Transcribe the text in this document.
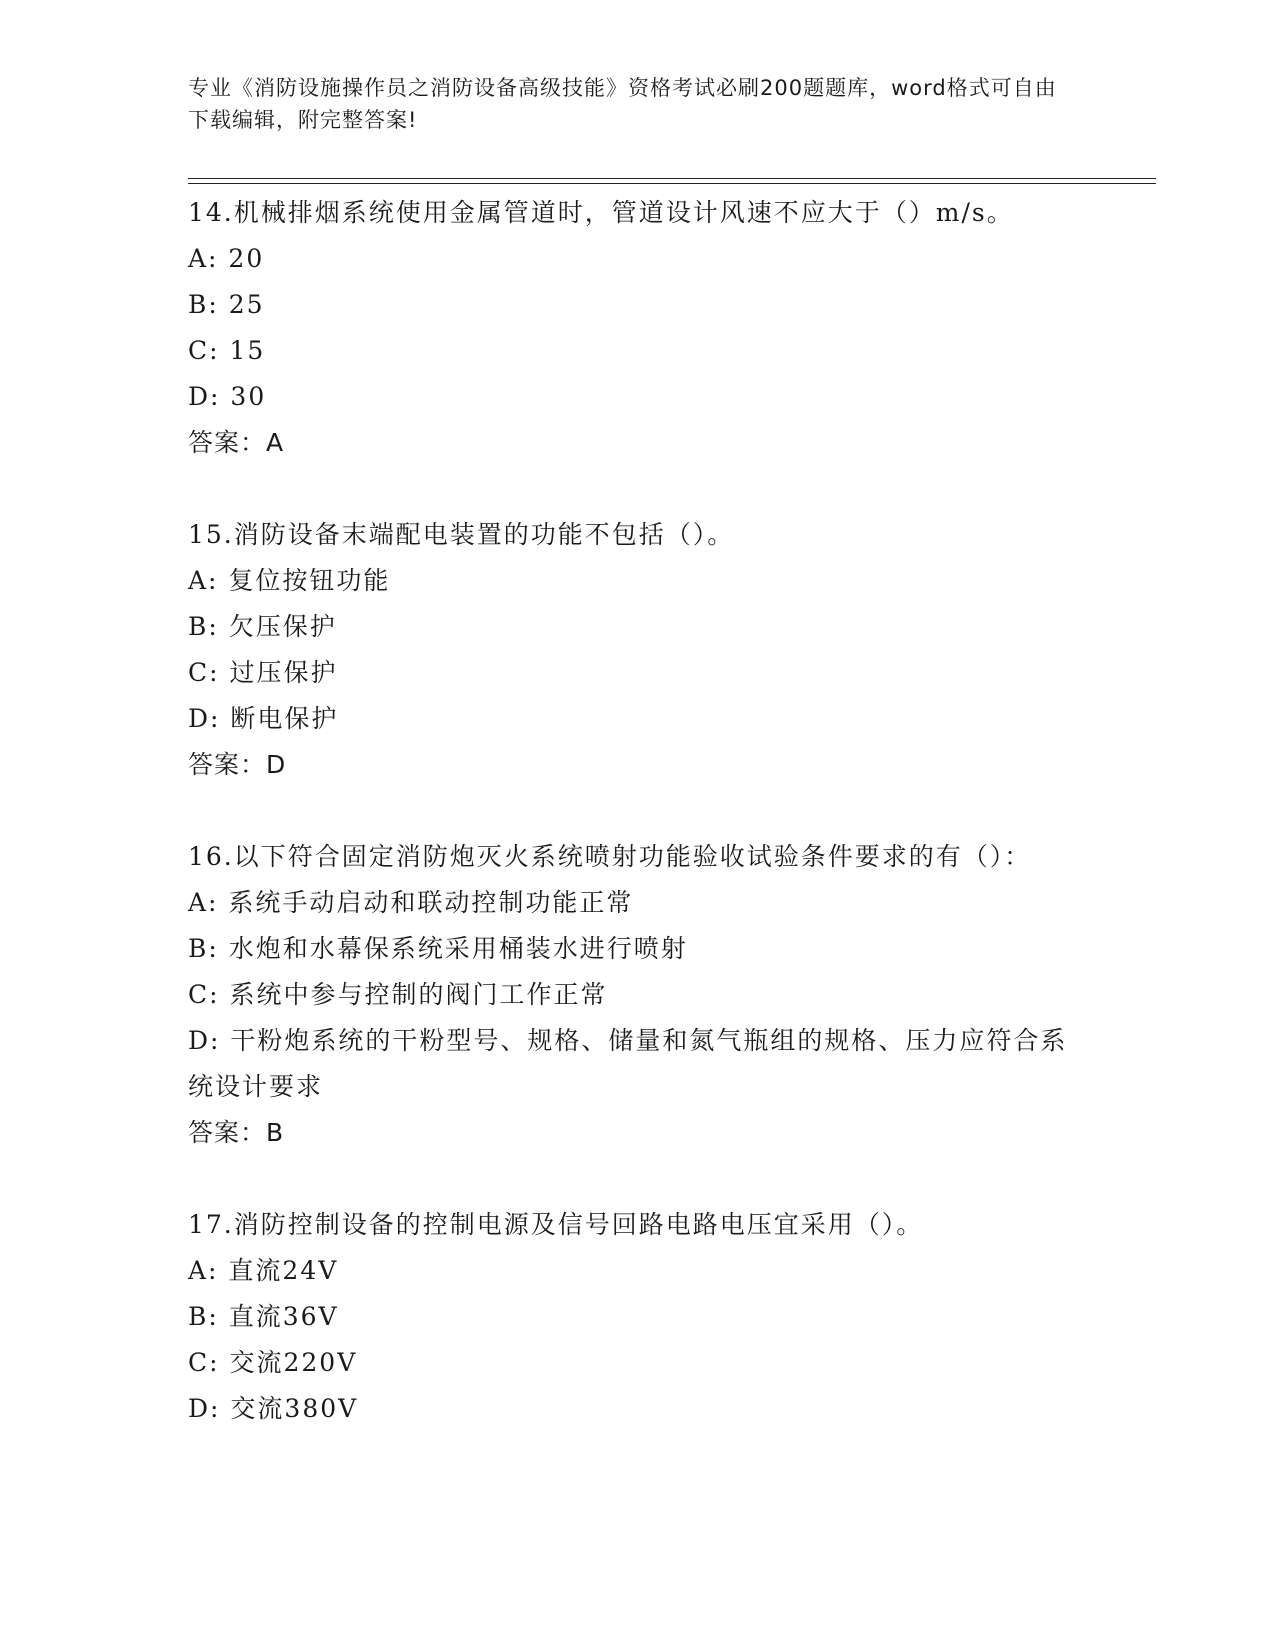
专业《消防设施操作员之消防设备高级技能》资格考试必刷200题题库，word格式可自由下载编辑，附完整答案!
14.机械排烟系统使用金属管道时，管道设计风速不应大于（）m/s。
A: 20
B: 25
C: 15
D: 30
答案：A
15.消防设备末端配电装置的功能不包括（）。
A: 复位按钮功能
B: 欠压保护
C: 过压保护
D: 断电保护
答案：D
16.以下符合固定消防炮灭火系统喷射功能验收试验条件要求的有（）：
A: 系统手动启动和联动控制功能正常
B: 水炮和水幕保系统采用桶装水进行喷射
C: 系统中参与控制的阀门工作正常
D: 干粉炮系统的干粉型号、规格、储量和氮气瓶组的规格、压力应符合系统设计要求
答案：B
17.消防控制设备的控制电源及信号回路电路电压宜采用（）。
A: 直流24V
B: 直流36V
C: 交流220V
D: 交流380V
